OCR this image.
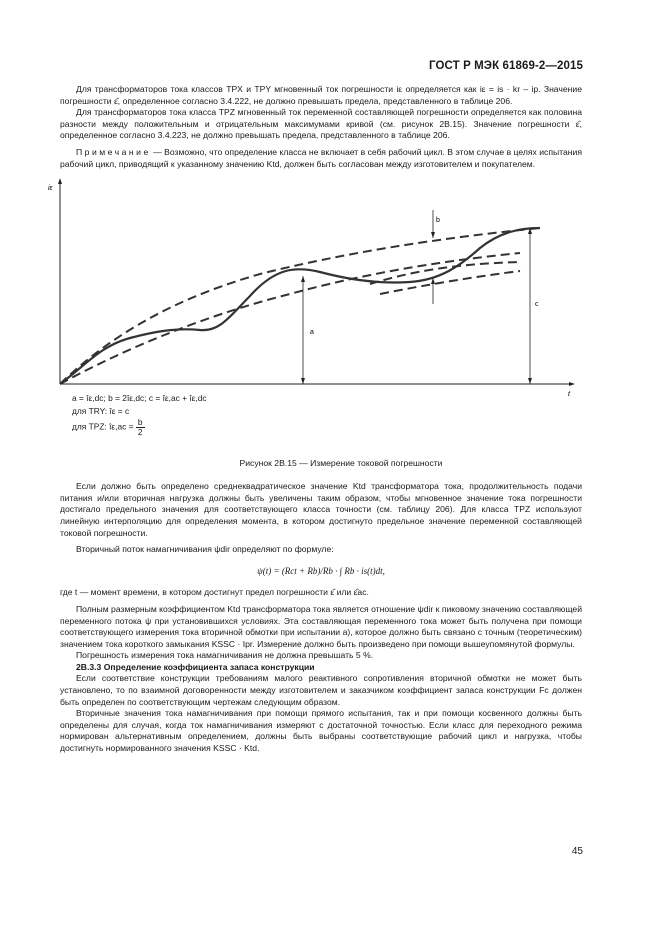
ГОСТ Р МЭК 61869-2—2015

Для трансформаторов тока классов TPX и TPY мгновенный ток погрешности iε определяется как iε = is · kr – ip. Значение погрешности ε̂, определенное согласно 3.4.222, не должно превышать предела, представленного в таблице 206.

Для трансформаторов тока класса TPZ мгновенный ток переменной составляющей погрешности определяется как половина разности между положительным и отрицательным максимумами кривой (см. рисунок 2B.15). Значение погрешности ε̂, определенное согласно 3.4.223, не должно превышать предела, представленного в таблице 206.

Примечание — Возможно, что определение класса не включает в себя рабочий цикл. В этом случае в целях испытания рабочий цикл, приводящий к указанному значению Ktd, должен быть согласован между изготовителем и покупателем.

iε
t
a
b
c
a = îε,dc; b = 2îε,dc; c = îε,ac + îε,dc
для TRY: îε = c
для TPZ: îε,ac = $\frac{b}{2}$
Рисунок 2B.15 — Измерение токовой погрешности

Если должно быть определено среднеквадратическое значение Ktd трансформатора тока, продолжительность подачи питания и/или вторичная нагрузка должны быть увеличены таким образом, чтобы мгновенное значение тока погрешности достигало предельного значения для соответствующего класса точности (см. таблицу 206). Для класса TPZ используют линейную интерполяцию для определения момента, в котором достигнуто предельное значение переменной составляющей токовой погрешности.

Вторичный поток намагничивания ψdir определяют по формуле:

ψ(t) = (Rct + Rb)/Rb · ∫ Rb · is(t)dt,

где t — момент времени, в котором достигнут предел погрешности ε̂ или ε̂ac.

Полным размерным коэффициентом Ktd трансформатора тока является отношение ψdir к пиковому значению составляющей переменного потока ψ при установившихся условиях. Эта составляющая переменного тока может быть получена при помощи соответствующего измерения тока вторичной обмотки при испытании а), которое должно быть связано с точным (теоретическим) значением тока короткого замыкания KSSC · Ipr. Измерение должно быть произведено при помощи вышеупомянутой формулы.

Погрешность измерения тока намагничивания не должна превышать 5 %.

2B.3.3 Определение коэффициента запаса конструкции

Если соответствие конструкции требованиям малого реактивного сопротивления вторичной обмотки не может быть установлено, то по взаимной договоренности между изготовителем и заказчиком коэффициент запаса конструкции Fc должен быть определен по соответствующим чертежам следующим образом.

Вторичные значения тока намагничивания при помощи прямого испытания, так и при помощи косвенного должны быть определены для случая, когда ток намагничивания измеряют с достаточной точностью. Если класс для переходного режима нормирован альтернативным определением, должны быть выбраны соответствующие рабочий цикл и нагрузка, чтобы достигнуть нормированного значения KSSC · Ktd.

45
